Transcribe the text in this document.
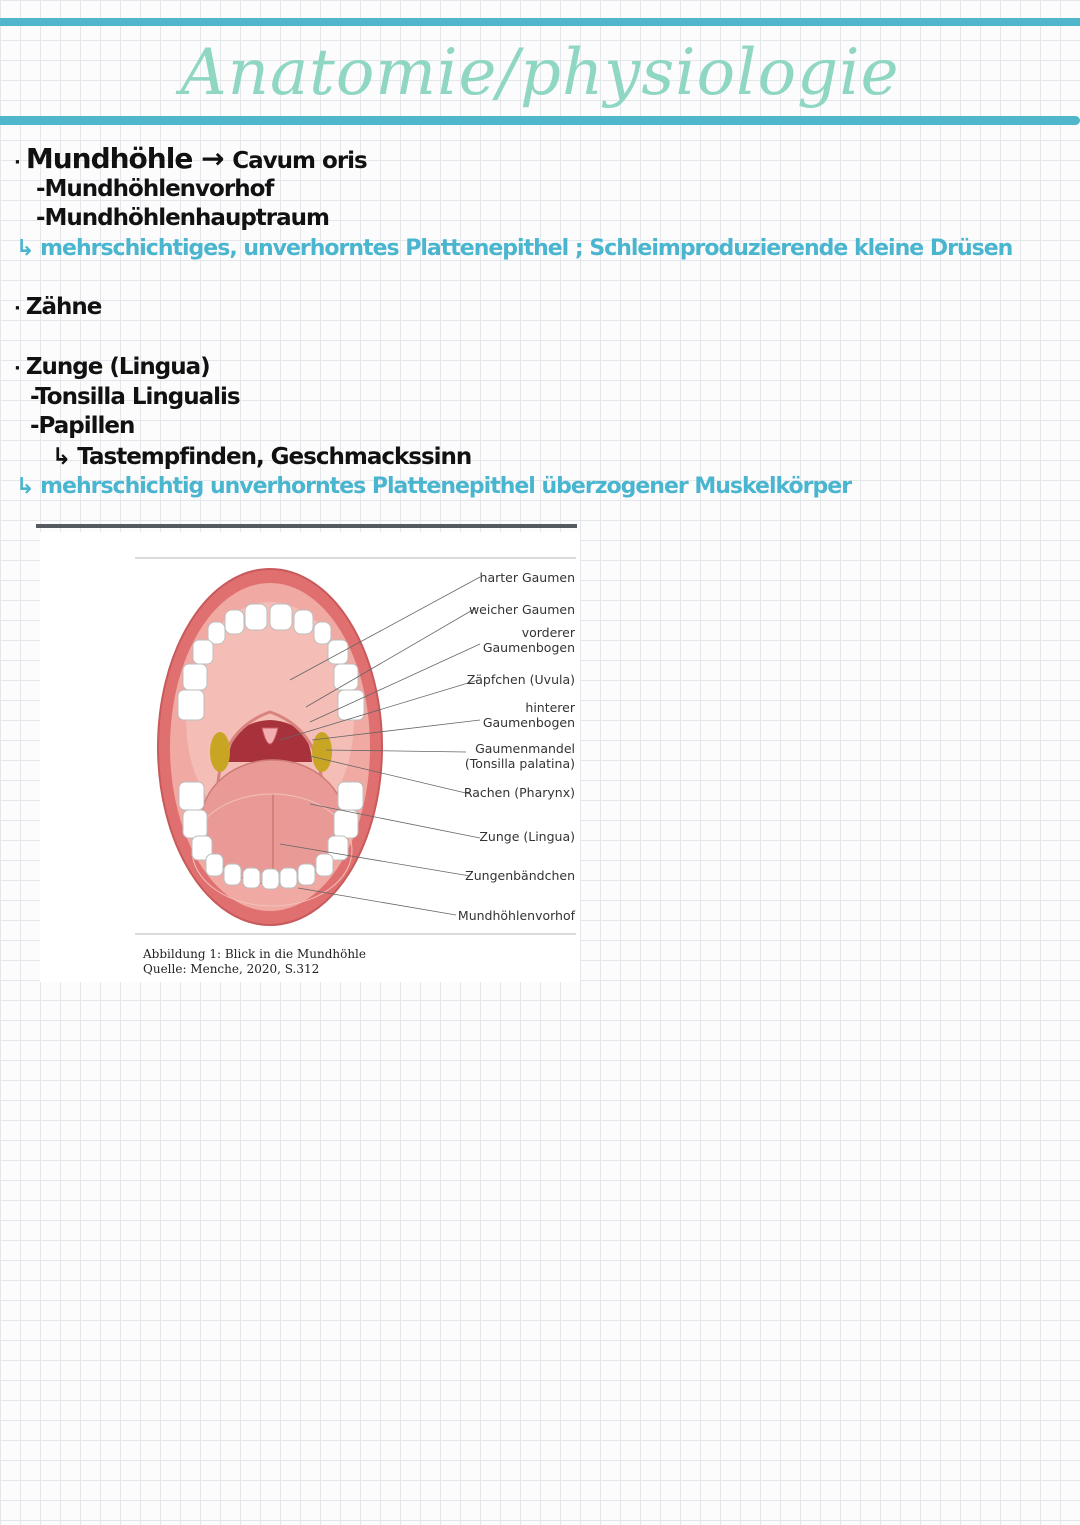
Anatomie/physiologie
· Mundhöhle → Cavum oris
-Mundhöhlenvorhof
-Mundhöhlenhauptraum
↳ mehrschichtiges, unverhorntes Plattenepithel ; Schleimproduzierende kleine Drüsen
· Zähne
· Zunge (Lingua)
-Tonsilla Lingualis
-Papillen
↳ Tastempfinden, Geschmackssinn
↳ mehrschichtig unverhorntes Plattenepithel überzogener Muskelkörper
harter Gaumen
weicher Gaumen
vorderer Gaumenbogen
Zäpfchen (Uvula)
hinterer Gaumenbogen
Gaumenmandel (Tonsilla palatina)
Rachen (Pharynx)
Zunge (Lingua)
Zungenbändchen
Mundhöhlenvorhof
Abbildung 1: Blick in die Mundhöhle
Quelle: Menche, 2020, S.312
